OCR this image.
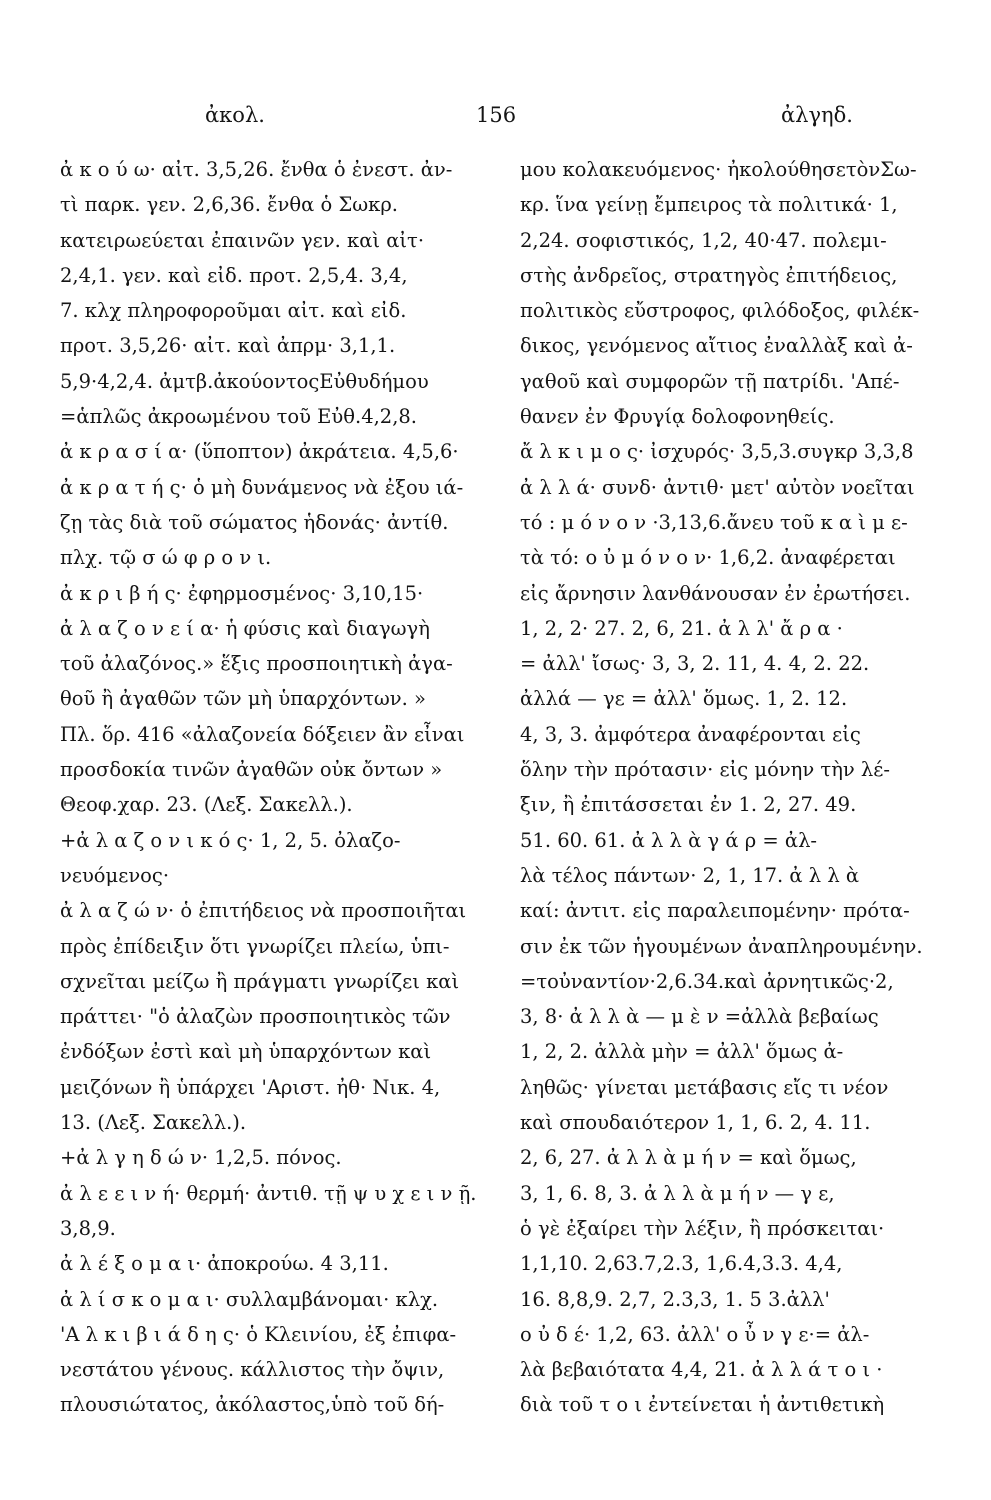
ἀκολ.	156	ἀλγηδ.
ἀ κ ο ύ ω· αἰτ. 3,5,26. ἔνθα ὁ ἐνεστ. ἀν-
τὶ παρκ. γεν. 2,6,36. ἔνθα ὁ Σωκρ.
κατειρωεύεται ἐπαινῶν γεν. καὶ αἰτ·
2,4,1. γεν. καὶ εἰδ. προτ. 2,5,4. 3,4,
7. κλχ πληροφοροῦμαι αἰτ. καὶ εἰδ.
προτ. 3,5,26· αἰτ. καὶ ἀπρμ· 3,1,1.
5,9·4,2,4. ἀμτβ.ἀκούοντοςΕὐθυδήμου
=ἁπλῶς ἀκροωμένου τοῦ Εὐθ.4,2,8.
ἀ κ ρ α σ ί α· (ὕποπτον) ἀκράτεια. 4,5,6·
ἀ κ ρ α τ ή ς· ὁ μὴ δυνάμενος νὰ ἐξου ιά-
ζῃ τὰς διὰ τοῦ σώματος ἡδονάς· ἀντίθ.
πλχ. τῷ σ ώ φ ρ ο ν ι.
ἀ κ ρ ι β ή ς· ἐφηρμοσμένος· 3,10,15·
ἀ λ α ζ ο ν ε ί α· ἡ φύσις καὶ διαγωγὴ
τοῦ ἀλαζόνος.» ἕξις προσποιητικὴ ἀγα-
θοῦ ἢ ἀγαθῶν τῶν μὴ ὑπαρχόντων. »
Πλ. ὅρ. 416 «ἀλαζονεία δόξειεν ἂν εἶναι
προσδοκία τινῶν ἀγαθῶν οὐκ ὄντων »
Θεοφ.χαρ. 23. (Λεξ. Σακελλ.).
+ἀ λ α ζ ο ν ι κ ό ς· 1, 2, 5. ὀλαζο-
νευόμενος·
ἀ λ α ζ ώ ν· ὁ ἐπιτήδειος νὰ προσποιῆται
πρὸς ἐπίδειξιν ὅτι γνωρίζει πλείω, ὑπι-
σχνεῖται μείζω ἢ πράγματι γνωρίζει καὶ
πράττει· "ὁ ἀλαζὼν προσποιητικὸς τῶν
ἐνδόξων ἐστὶ καὶ μὴ ὑπαρχόντων καὶ
μειζόνων ἢ ὑπάρχει 'Αριστ. ἠθ· Νικ. 4,
13. (Λεξ. Σακελλ.).
+ἀ λ γ η δ ώ ν· 1,2,5. πόνος.
ἀ λ ε ε ι ν ή· θερμή· ἀντιθ. τῇ ψ υ χ ε ι ν ῇ.
3,8,9.
ἀ λ έ ξ ο μ α ι· ἀποκρούω. 4 3,11.
ἀ λ ί σ κ ο μ α ι· συλλαμβάνομαι· κλχ.
'Α λ κ ι β ι ά δ η ς· ὁ Κλεινίου, ἐξ ἐπιφα-
νεστάτου γένους. κάλλιστος τὴν ὄψιν,
πλουσιώτατος, ἀκόλαστος,ὑπὸ τοῦ δή-
μου κολακευόμενος· ἠκολούθησετὸνΣω-
κρ. ἵνα γείνῃ ἔμπειρος τὰ πολιτικά· 1,
2,24. σοφιστικός, 1,2, 40·47. πολεμι-
στὴς ἀνδρεῖος, στρατηγὸς ἐπιτήδειος,
πολιτικὸς εὔστροφος, φιλόδοξος, φιλέκ-
δικος, γενόμενος αἴτιος ἐναλλὰξ καὶ ἀ-
γαθοῦ καὶ συμφορῶν τῇ πατρίδι. 'Απέ-
θανεν ἐν Φρυγίᾳ δολοφονηθείς.
ἄ λ κ ι μ ο ς· ἰσχυρός· 3,5,3.συγκρ 3,3,8
ἀ λ λ ά· συνδ· ἀντιθ· μετ' αὐτὸν νοεῖται
τό : μ ό ν ο ν ·3,13,6.ἄνευ τοῦ κ α ὶ μ ε-
τὰ τό: ο ὐ μ ό ν ο ν· 1,6,2. ἀναφέρεται
εἰς ἄρνησιν λανθάνουσαν ἐν ἐρωτήσει.
1, 2, 2· 27. 2, 6, 21. ἀ λ λ' ἄ ρ α ·
= ἀλλ' ἴσως· 3, 3, 2. 11, 4. 4, 2. 22.
ἀλλά — γε = ἀλλ' ὅμως. 1, 2. 12.
4, 3, 3. ἀμφότερα ἀναφέρονται εἰς
ὅλην τὴν πρότασιν· εἰς μόνην τὴν λέ-
ξιν, ἢ ἐπιτάσσεται ἐν 1. 2, 27. 49.
51. 60. 61. ἀ λ λ ὰ γ ά ρ = ἀλ-
λὰ τέλος πάντων· 2, 1, 17. ἀ λ λ ὰ
καί: ἀντιτ. εἰς παραλειπομένην· πρότα-
σιν ἐκ τῶν ἡγουμένων ἀναπληρουμένην.
=τοὐναντίον·2,6.34.καὶ ἀρνητικῶς·2,
3, 8· ἀ λ λ ὰ — μ ὲ ν =ἀλλὰ βεβαίως
1, 2, 2. ἀλλὰ μὴν = ἀλλ' ὅμως ἀ-
ληθῶς· γίνεται μετάβασις εἴς τι νέον
καὶ σπουδαιότερον 1, 1, 6. 2, 4. 11.
2, 6, 27. ἀ λ λ ὰ μ ή ν = καὶ ὅμως,
3, 1, 6. 8, 3. ἀ λ λ ὰ μ ή ν — γ ε,
ὁ γὲ ἐξαίρει τὴν λέξιν, ἢ πρόσκειται·
1,1,10. 2,63.7,2.3, 1,6.4,3.3. 4,4,
16. 8,8,9. 2,7, 2.3,3, 1. 5 3.ἀλλ'
ο ὐ δ έ· 1,2, 63. ἀλλ' ο ὖ ν γ ε·= ἀλ-
λὰ βεβαιότατα 4,4, 21. ἀ λ λ ά τ ο ι ·
διὰ τοῦ τ ο ι ἐντείνεται ἡ ἀντιθετικὴ
